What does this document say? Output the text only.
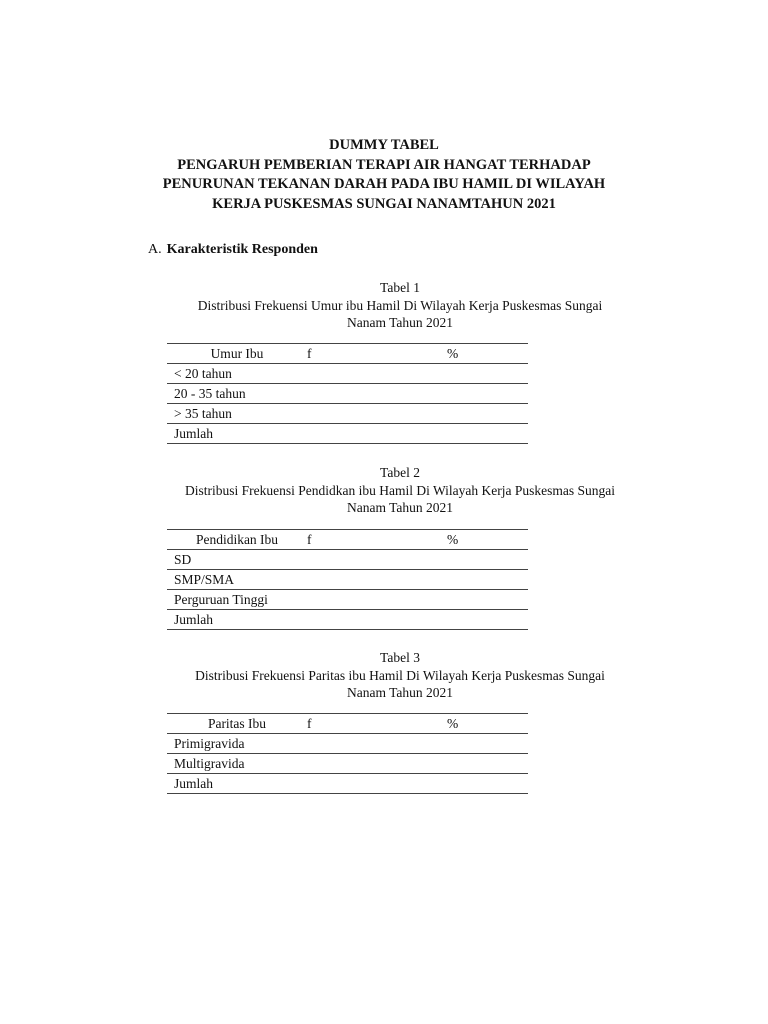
DUMMY TABEL
PENGARUH PEMBERIAN TERAPI AIR HANGAT TERHADAP
PENURUNAN TEKANAN DARAH PADA IBU HAMIL DI WILAYAH
KERJA PUSKESMAS SUNGAI NANAMTAHUN 2021
A. Karakteristik Responden
Tabel 1
Distribusi Frekuensi Umur ibu Hamil Di Wilayah Kerja Puskesmas Sungai
Nanam Tahun 2021
Umur Ibu	f	%
< 20 tahun		
20 - 35 tahun		
> 35 tahun		
Jumlah		
Tabel 2
Distribusi Frekuensi Pendidkan ibu Hamil Di Wilayah Kerja Puskesmas Sungai
Nanam Tahun 2021
Pendidikan Ibu	f	%
SD		
SMP/SMA		
Perguruan Tinggi		
Jumlah		
Tabel 3
Distribusi Frekuensi Paritas ibu Hamil Di Wilayah Kerja Puskesmas Sungai
Nanam Tahun 2021
Paritas Ibu	f	%
Primigravida		
Multigravida		
Jumlah		
